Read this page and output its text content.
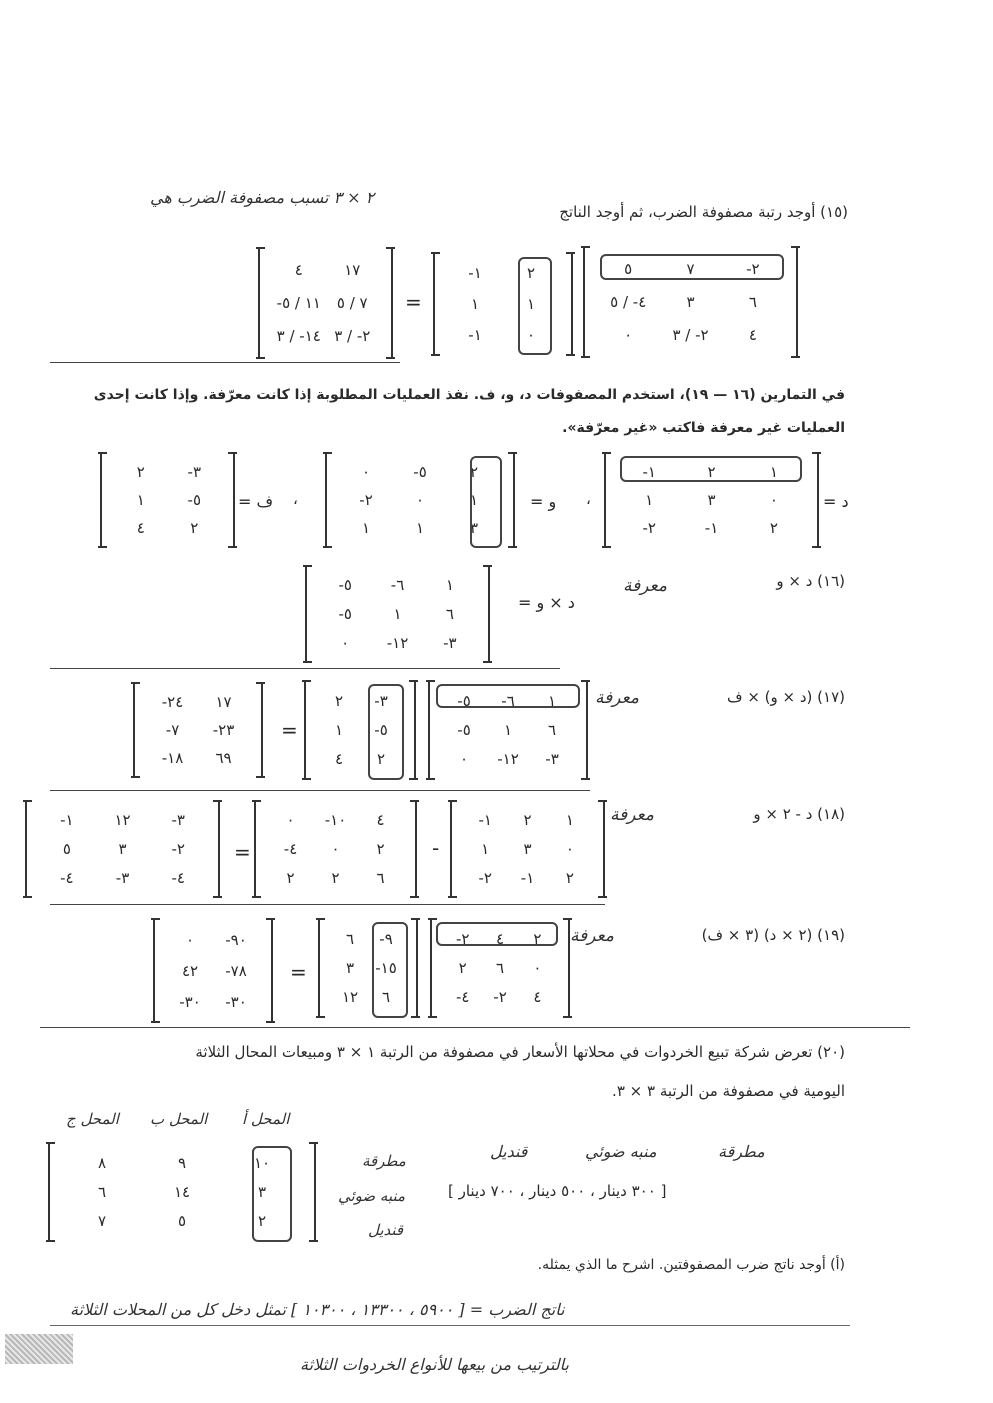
(١٥) أوجد رتبة مصفوفة الضرب، ثم أوجد الناتج
٢ × ٣ تسبب مصفوفة الضرب هي
٢-
٧
٥
٦
٣
٤- / ٥
٤
٢- / ٣
٠
٢
١-
١
١
٠
١-
=
١٧
٤
٧ / ٥
١١ / ٥-
٢- / ٣
١٤- / ٣
في التمارين (١٦ — ١٩)، استخدم المصفوفات د، و، ف. نفذ العمليات المطلوبة إذا كانت معرّفة. وإذا كانت إحدى
العمليات غير معرفة فاكتب «غير معرّفة».
د =
١
٢
١-
٠
٣
١
٢
١-
٢-
،
و =
٢
٥-
٠
١
٠
٢-
٣
١
١
،
ف =
٣-
٢
٥-
١
٢
٤
(١٦) د × و
معرفة
د × و =
١
٦-
٥-
٦
١
٥-
٣-
١٢-
٠
(١٧) (د × و) × ف
معرفة
١
٦-
٥-
٦
١
٥-
٣-
١٢-
٠
٣-
٢
٥-
١
٢
٤
=
١٧
٢٤-
٢٣-
٧-
٦٩
١٨-
(١٨) د - ٢ × و
معرفة
١
٢
١-
٠
٣
١
٢
١-
٢-
-
٤
١٠-
٠
٢
٠
٤-
٦
٢
٢
=
٣-
١٢
١-
٢-
٣
٥
٤-
٣-
٤-
(١٩) (٢ × د) (٣ × ف)
معرفة
٢
٤
٢-
٠
٦
٢
٤
٢-
٤-
٩-
٦
١٥-
٣
٦
١٢
=
٩٠-
٠
٧٨-
٤٢
٣٠-
٣٠-
(٢٠) تعرض شركة تبيع الخردوات في محلاتها الأسعار في مصفوفة من الرتبة ١ × ٣ ومبيعات المحال الثلاثة
اليومية في مصفوفة من الرتبة ٣ × ٣.
مطرقة
منبه ضوئي
قنديل
[ ٣٠٠ دينار ، ٥٠٠ دينار ، ٧٠٠ دينار ]
المحل أ
المحل ب
المحل ج
مطرقة
منبه ضوئي
قنديل
١٠
٩
٨
٣
١٤
٦
٢
٥
٧
(أ) أوجد ناتج ضرب المصفوفتين. اشرح ما الذي يمثله.
ناتج الضرب = [ ٥٩٠٠ ، ١٣٣٠٠ ، ١٠٣٠٠ ] تمثل دخل كل من المحلات الثلاثة
بالترتيب من بيعها للأنواع الخردوات الثلاثة
